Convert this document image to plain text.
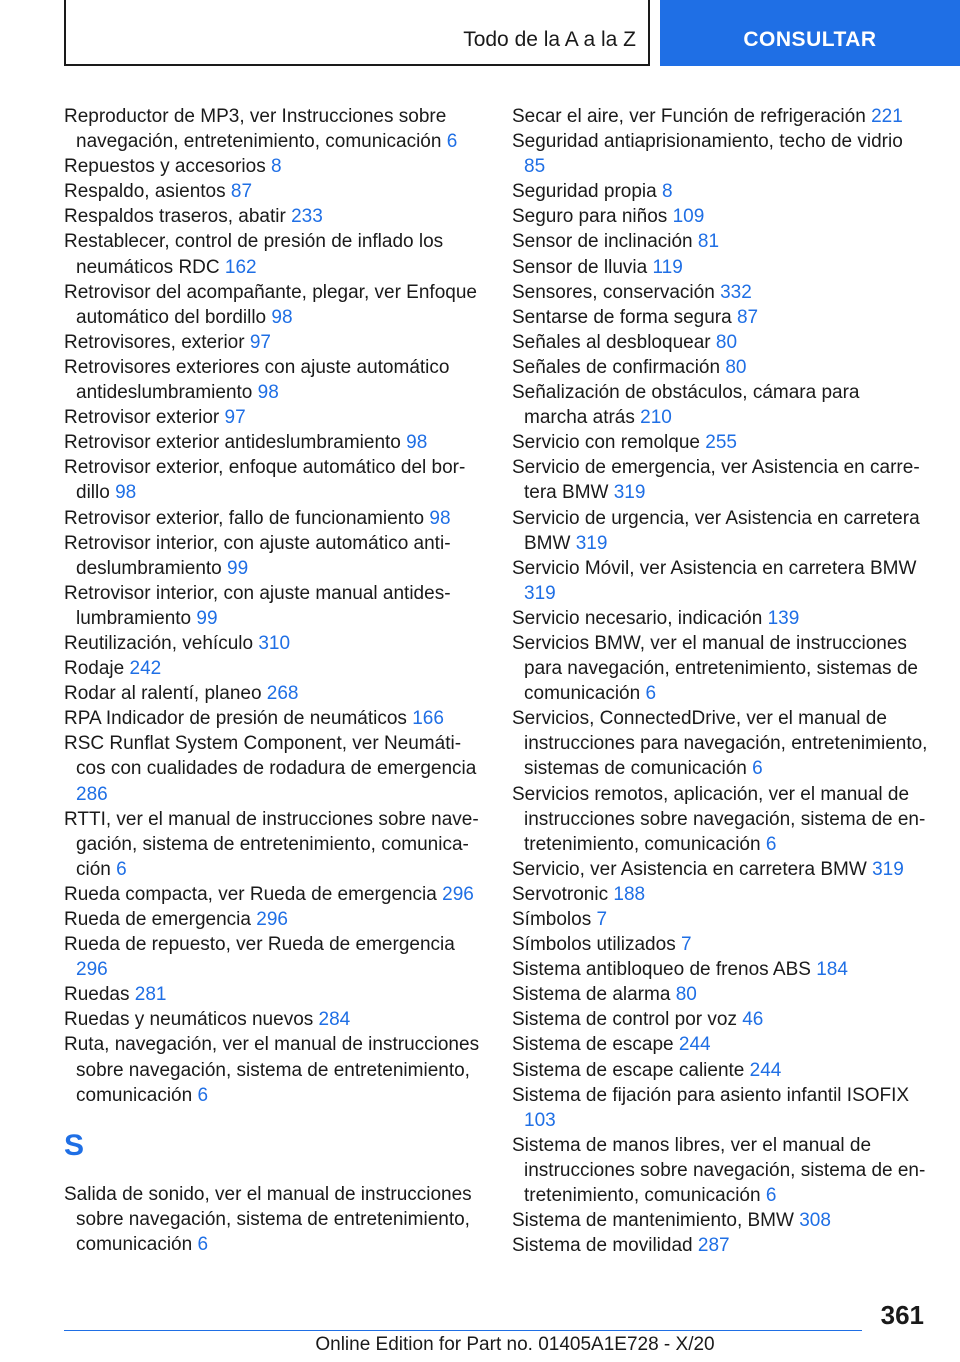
Todo de la A a la Z	CONSULTAR

Reproductor de MP3, ver Instrucciones sobre navegación, entretenimiento, comunicación 6

Repuestos y accesorios 8

Respaldo, asientos 87

Respaldos traseros, abatir 233

Restablecer, control de presión de inflado los neumáticos RDC 162

Retrovisor del acompañante, plegar, ver Enfoque automático del bordillo 98

Retrovisores, exterior 97

Retrovisores exteriores con ajuste automático antideslumbramiento 98

Retrovisor exterior 97

Retrovisor exterior antideslumbramiento 98

Retrovisor exterior, enfoque automático del bordillo 98

Retrovisor exterior, fallo de funcionamiento 98

Retrovisor interior, con ajuste automático antideslumbramiento 99

Retrovisor interior, con ajuste manual antideslumbramiento 99

Reutilización, vehículo 310

Rodaje 242

Rodar al ralentí, planeo 268

RPA Indicador de presión de neumáticos 166

RSC Runflat System Component, ver Neumáticos con cualidades de rodadura de emergencia 286

RTTI, ver el manual de instrucciones sobre navegación, sistema de entretenimiento, comunicación 6

Rueda compacta, ver Rueda de emergencia 296

Rueda de emergencia 296

Rueda de repuesto, ver Rueda de emergencia 296

Ruedas 281

Ruedas y neumáticos nuevos 284

Ruta, navegación, ver el manual de instrucciones sobre navegación, sistema de entretenimiento, comunicación 6

S

Salida de sonido, ver el manual de instrucciones sobre navegación, sistema de entretenimiento, comunicación 6

Secar el aire, ver Función de refrigeración 221

Seguridad antiaprisionamiento, techo de vidrio 85

Seguridad propia 8

Seguro para niños 109

Sensor de inclinación 81

Sensor de lluvia 119

Sensores, conservación 332

Sentarse de forma segura 87

Señales al desbloquear 80

Señales de confirmación 80

Señalización de obstáculos, cámara para marcha atrás 210

Servicio con remolque 255

Servicio de emergencia, ver Asistencia en carretera BMW 319

Servicio de urgencia, ver Asistencia en carretera BMW 319

Servicio Móvil, ver Asistencia en carretera BMW 319

Servicio necesario, indicación 139

Servicios BMW, ver el manual de instrucciones para navegación, entretenimiento, sistemas de comunicación 6

Servicios, ConnectedDrive, ver el manual de instrucciones para navegación, entretenimiento, sistemas de comunicación 6

Servicios remotos, aplicación, ver el manual de instrucciones sobre navegación, sistema de entretenimiento, comunicación 6

Servicio, ver Asistencia en carretera BMW 319

Servotronic 188

Símbolos 7

Símbolos utilizados 7

Sistema antibloqueo de frenos ABS 184

Sistema de alarma 80

Sistema de control por voz 46

Sistema de escape 244

Sistema de escape caliente 244

Sistema de fijación para asiento infantil ISOFIX 103

Sistema de manos libres, ver el manual de instrucciones sobre navegación, sistema de entretenimiento, comunicación 6

Sistema de mantenimiento, BMW 308

Sistema de movilidad 287

361
Online Edition for Part no. 01405A1E728 - X/20
